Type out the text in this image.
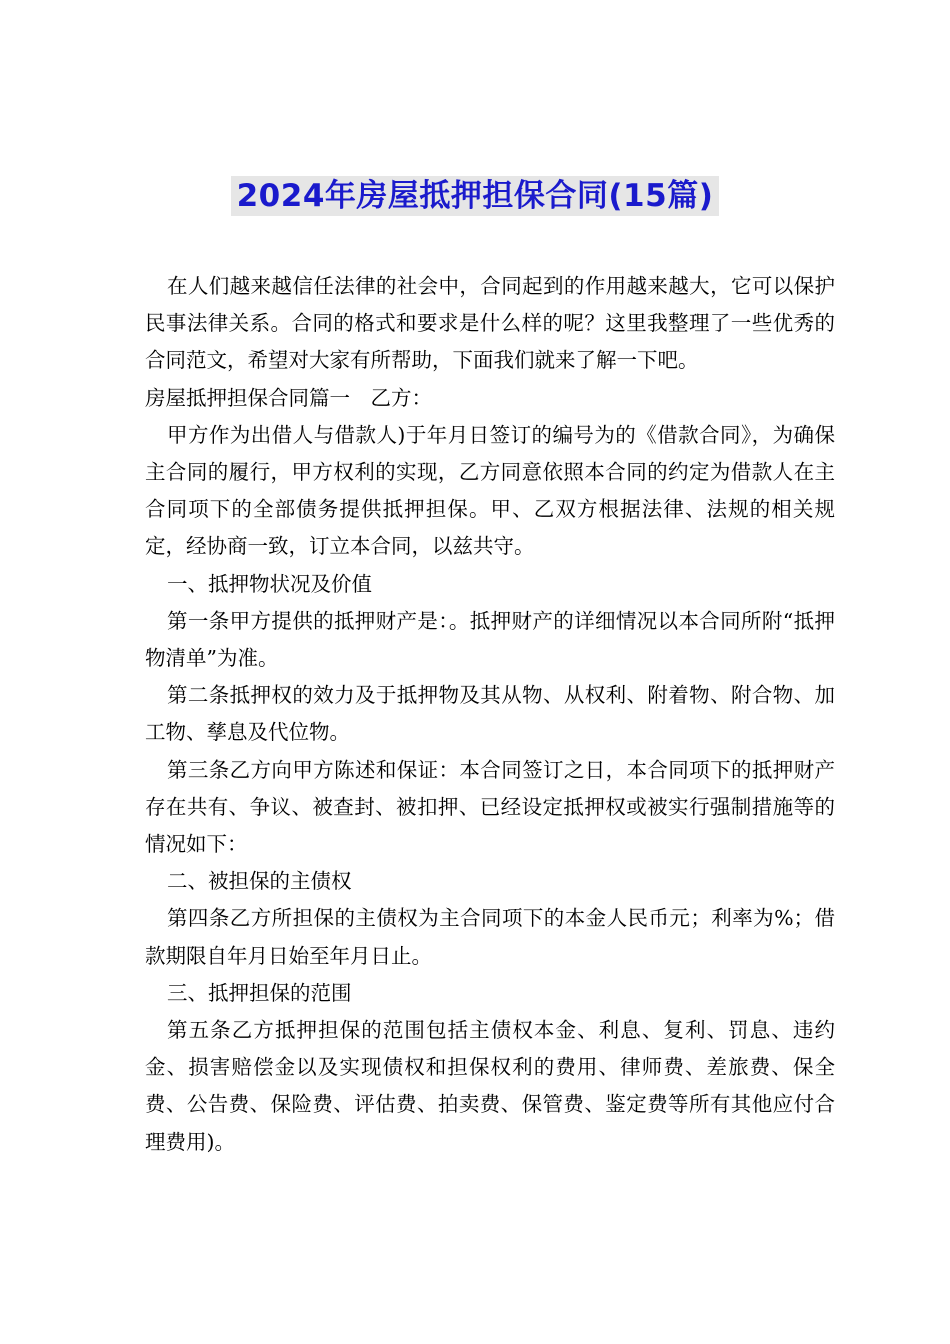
2024年房屋抵押担保合同(15篇)

在人们越来越信任法律的社会中，合同起到的作用越来越大，它可以保护民事法律关系。合同的格式和要求是什么样的呢？这里我整理了一些优秀的合同范文，希望对大家有所帮助，下面我们就来了解一下吧。

房屋抵押担保合同篇一　乙方：

甲方作为出借人与借款人)于年月日签订的编号为的《借款合同》，为确保主合同的履行，甲方权利的实现，乙方同意依照本合同的约定为借款人在主合同项下的全部债务提供抵押担保。甲、乙双方根据法律、法规的相关规定，经协商一致，订立本合同，以兹共守。

一、抵押物状况及价值

第一条甲方提供的抵押财产是：。抵押财产的详细情况以本合同所附“抵押物清单”为准。

第二条抵押权的效力及于抵押物及其从物、从权利、附着物、附合物、加工物、孳息及代位物。

第三条乙方向甲方陈述和保证：本合同签订之日，本合同项下的抵押财产存在共有、争议、被查封、被扣押、已经设定抵押权或被实行强制措施等的情况如下：

二、被担保的主债权

第四条乙方所担保的主债权为主合同项下的本金人民币元；利率为%；借款期限自年月日始至年月日止。

三、抵押担保的范围

第五条乙方抵押担保的范围包括主债权本金、利息、复利、罚息、违约金、损害赔偿金以及实现债权和担保权利的费用、律师费、差旅费、保全费、公告费、保险费、评估费、拍卖费、保管费、鉴定费等所有其他应付合理费用)。
